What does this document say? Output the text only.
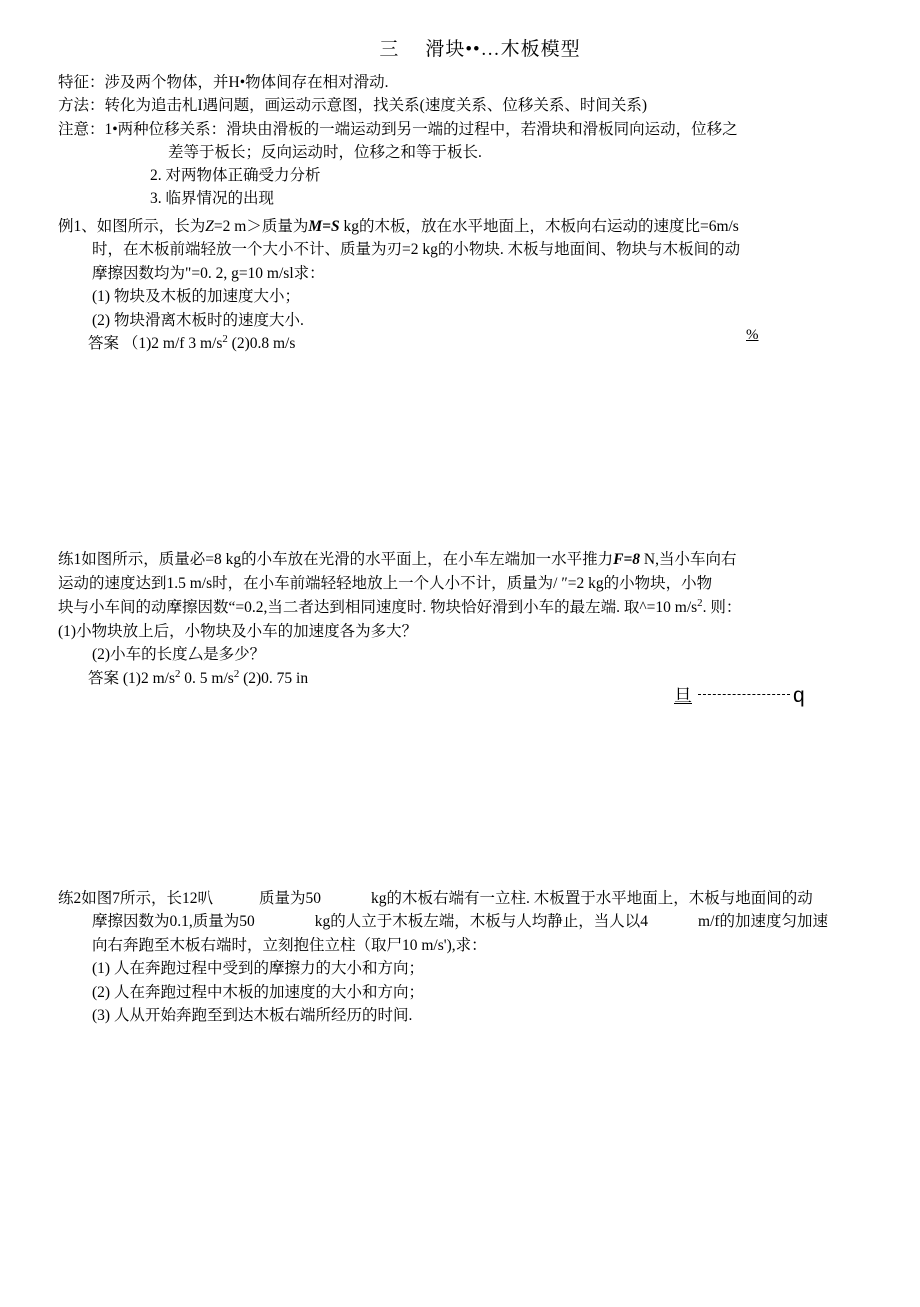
三 滑块••…木板模型

特征：涉及两个物体，并H•物体间存在相对滑动.

方法：转化为追击札I遇问题，画运动示意图，找关系(速度关系、位移关系、时间关系)

注意：1•两种位移关系：滑块由滑板的一端运动到另一端的过程中，若滑块和滑板同向运动，位移之

差等于板长；反向运动时，位移之和等于板长.

2. 对两物体正确受力分析

3. 临界情况的出现

例1、如图所示，长为Z=2 m＞质量为M=S kg的木板，放在水平地面上，木板向右运动的速度比=6m/s
时，在木板前端轻放一个大小不计、质量为刃=2 kg的小物块. 木板与地面间、物块与木板间的动
摩擦因数均为"=0. 2, g=10 m/sl求：
(1) 物块及木板的加速度大小；
(2) 物块滑离木板时的速度大小.

答案 （1)2 m/f 3 $m/s^2$ (2)0.8 m/s

练1如图所示，质量必=8 kg的小车放在光滑的水平面上，在小车左端加一水平推力F=8 N,当小车向右
运动的速度达到1.5 m/s时，在小车前端轻轻地放上一个人小不计，质量为/ ″=2 kg的小物块，小物
块与小车间的动摩擦因数“=0.2,当二者达到相同速度时. 物块恰好滑到小车的最左端. 取^=10 $m/s^2$. 则：
(1)小物块放上后，小物块及小车的加速度各为多大？
(2)小车的长度厶是多少？

答案 (1)2 $m/s^2$ 0. 5 $m/s^2$ (2)0. 75 in

练2如图7所示，长12叭	质量为50	kg的木板右端有一立柱. 木板置于水平地面上，木板与地面间的动
摩擦因数为0.1,质量为50	kg的人立于木板左端，木板与人均静止，当人以4	m/f的加速度匀加速
向右奔跑至木板右端时，立刻抱住立柱（取尸10 m/s'),求：
(1) 人在奔跑过程中受到的摩擦力的大小和方向；
(2) 人在奔跑过程中木板的加速度的大小和方向；
(3) 人从开始奔跑至到达木板右端所经历的时间.
%
旦	q
